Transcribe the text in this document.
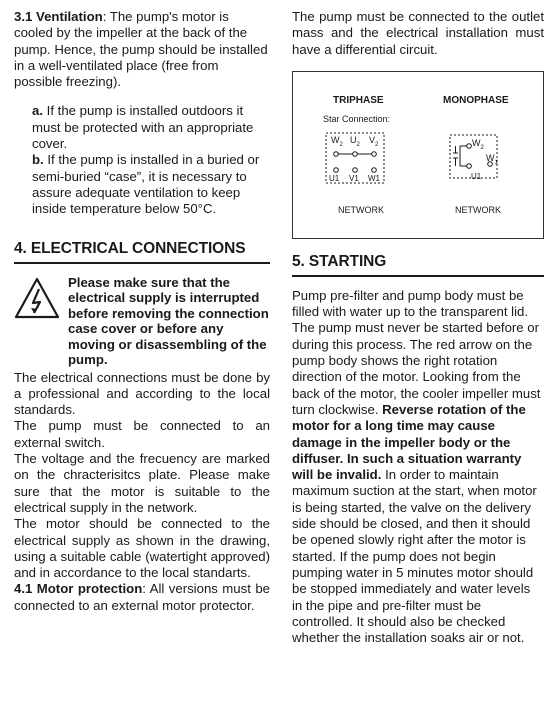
3.1 Ventilation: The pump's motor is cooled by the impeller at the back of the pump. Hence, the pump should be installed in a well-ventilated place (free from possible freezing).

a. If the pump is installed outdoors it must be protected with an appropriate cover.

b. If the pump is installed in a buried or semi-buried “case”, it is necessary to assure adequate ventilation to keep inside temperature below 50°C.

4. ELECTRICAL CONNECTIONS
Please make sure that the electrical supply is interrupted before removing the connection case cover or before any moving or disassembling of the pump.

The electrical connections must be done by a professional and according to the local standards.

The pump must be connected to an external switch.

The voltage and the frecuency are marked on the chracterisitcs plate. Please make sure that the motor is suitable to the electrical supply in the network.

The motor should be connected to the electrical supply as shown in the drawing, using a suitable cable (watertight approved) and in accordance to the local standarts.

4.1 Motor protection: All versions must be connected to an external motor protector.

The pump must be connected to the outlet mass and the electrical installation must have a differential circuit.

TRIPHASE	MONOPHASE
Star Connection:
$W_2$ $U_2$ $V_2$
U1 V1 W1
$W_2$
U1
$W_1$
NETWORK	NETWORK
5. STARTING

Pump pre-filter and pump body must be filled with water up to the transparent lid. The pump must never be started before or during this process. The red arrow on the pump body shows the right rotation direction of the motor. Looking from the back of the motor, the cooler impeller must turn clockwise. Reverse rotation of the motor for a long time may cause damage in the impeller body or the diffuser. In such a situation warranty will be invalid. In order to maintain maximum suction at the start, when motor is being started, the valve on the delivery side should be closed, and then it should be opened slowly right after the motor is started. If the pump does not begin pumping water in 5 minutes motor should be stopped immediately and water levels in the pipe and pre-filter must be controlled. It should also be checked whether the installation soaks air or not.
